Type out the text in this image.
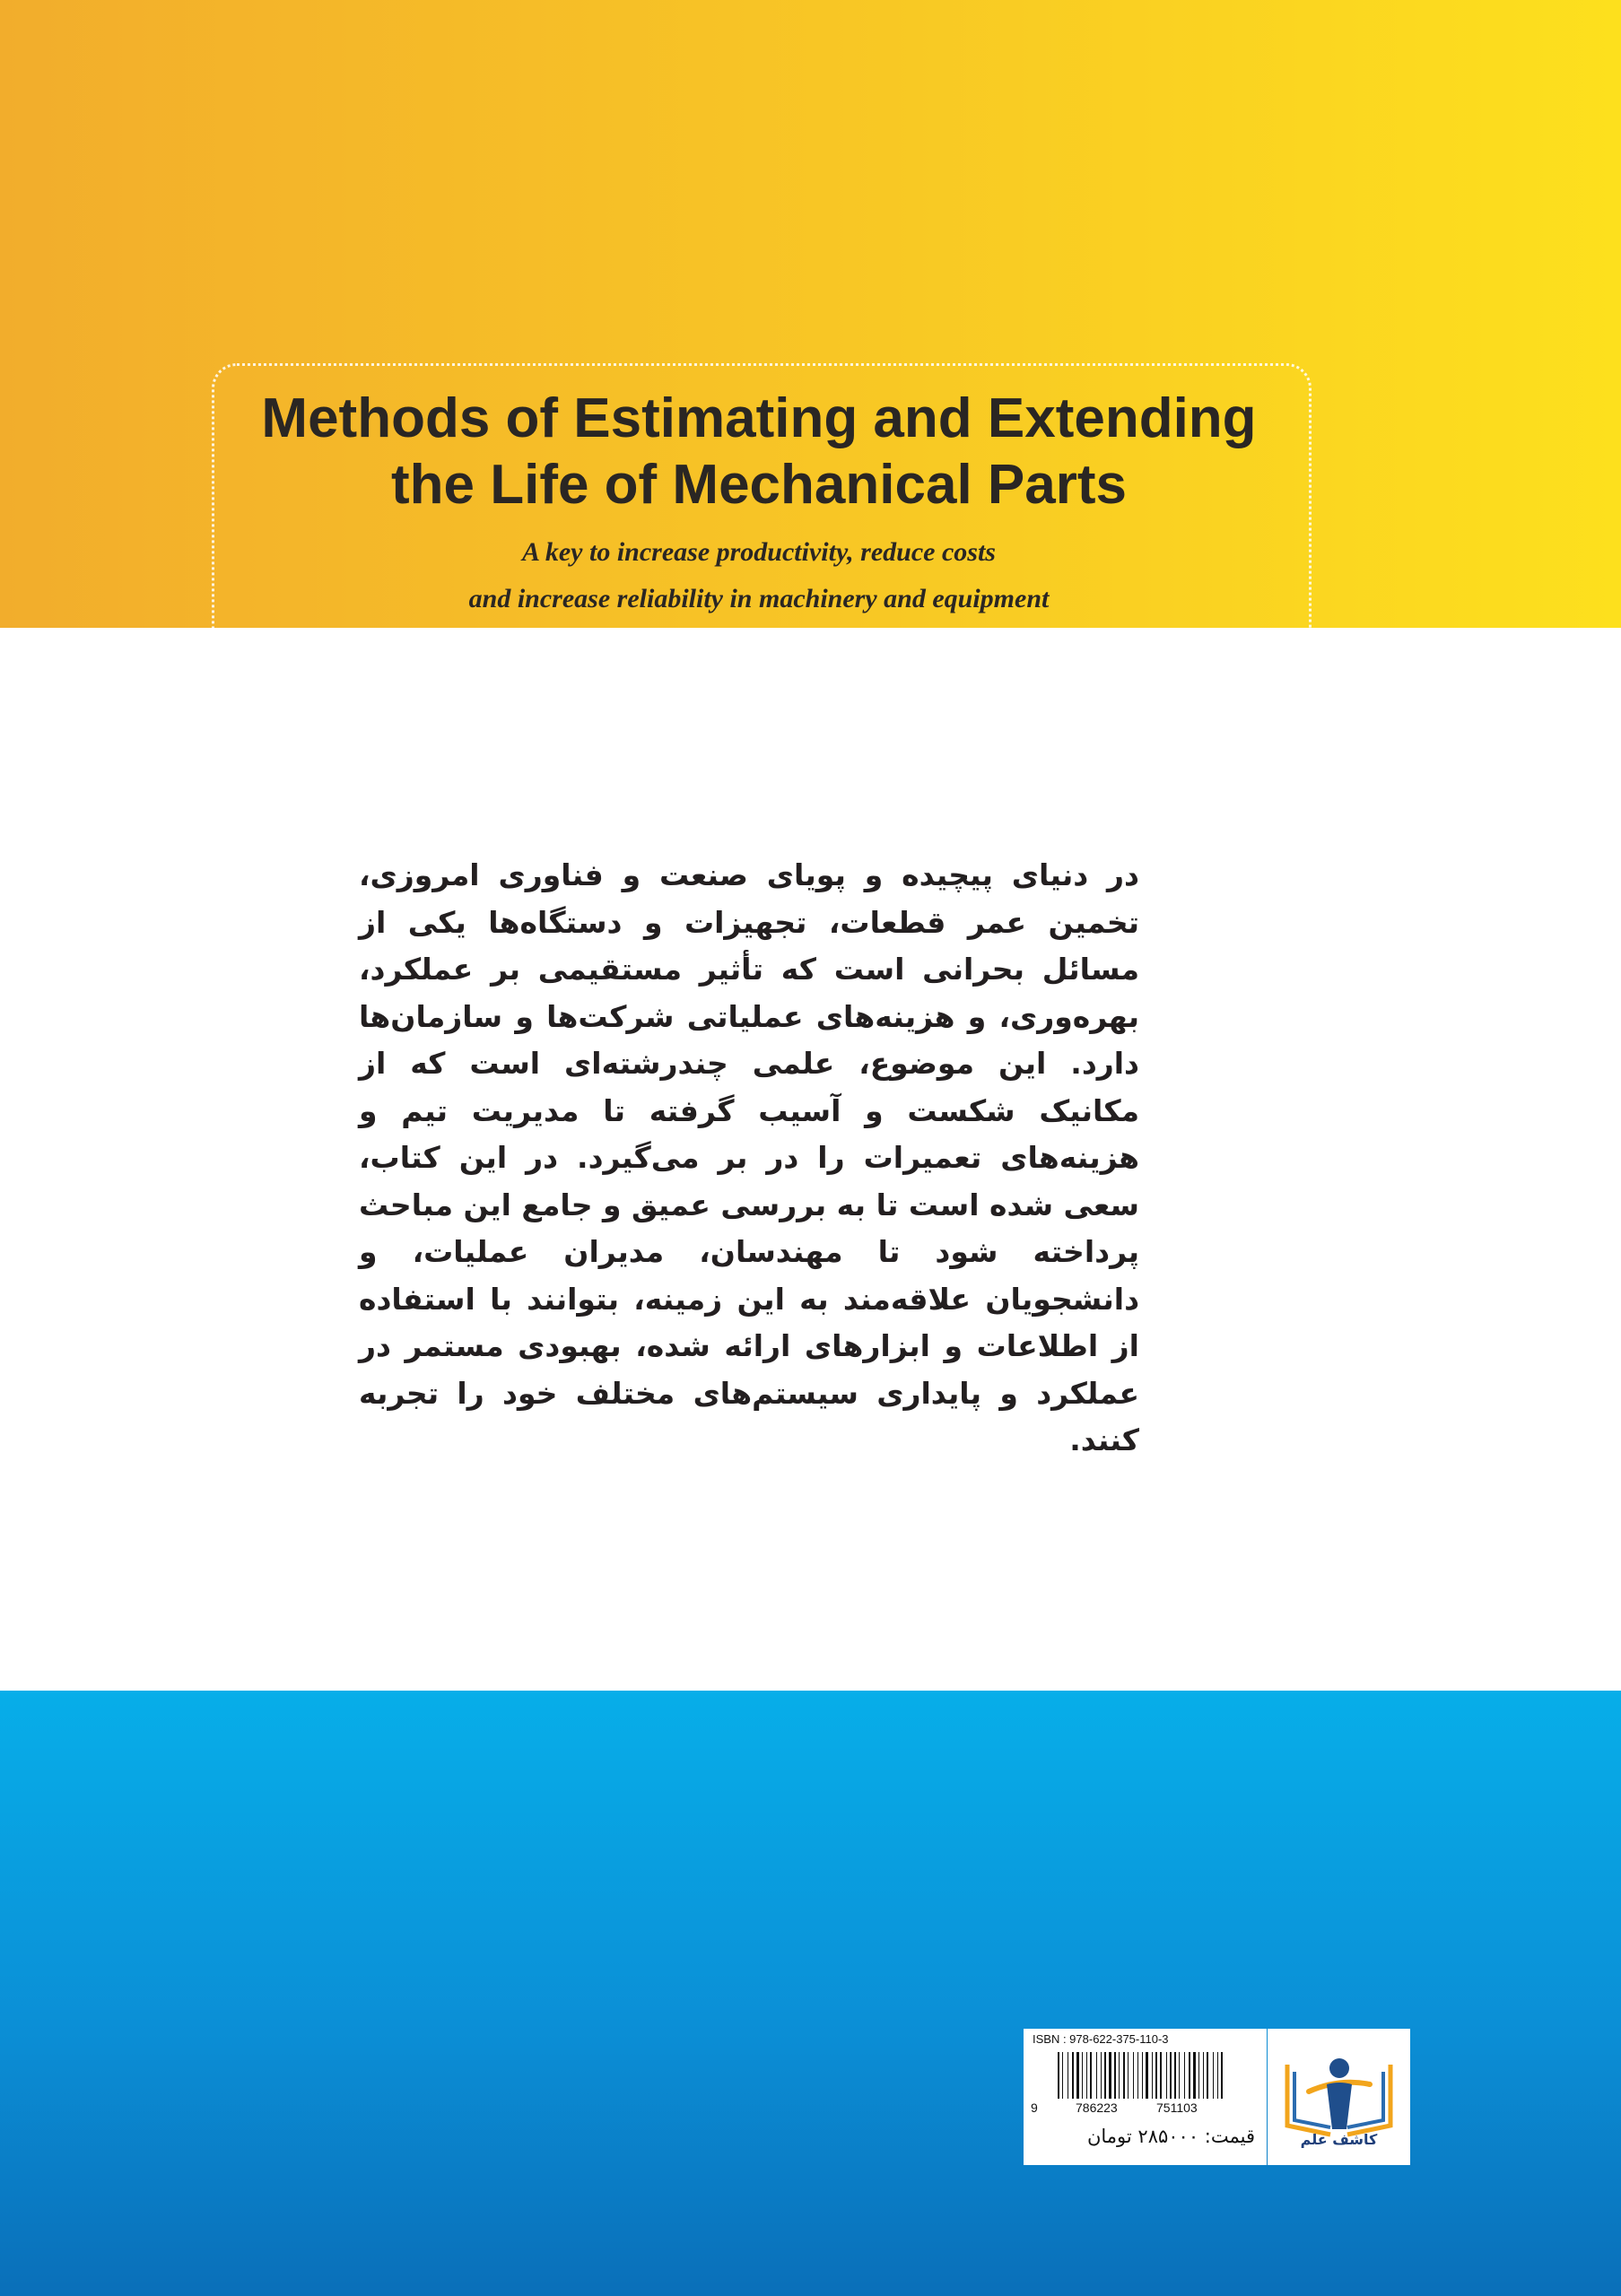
Methods of Estimating and Extending
the Life of Mechanical Parts

A key to increase productivity, reduce costs
and increase reliability in machinery and equipment

در دنیای پیچیده و پویای صنعت و فناوری امروزی، تخمین عمر قطعات، تجهیزات و دستگاه‌ها یکی از مسائل بحرانی است که تأثیر مستقیمی بر عملکرد، بهره‌وری، و هزینه‌های عملیاتی شرکت‌ها و سازمان‌ها دارد. این موضوع، علمی چندرشته‌ای است که از مکانیک شکست و آسیب گرفته تا مدیریت تیم و هزینه‌های تعمیرات را در بر می‌گیرد. در این کتاب، سعی شده است تا به بررسی عمیق و جامع این مباحث پرداخته شود تا مهندسان، مدیران عملیات، و دانشجویان علاقه‌مند به این زمینه، بتوانند با استفاده از اطلاعات و ابزارهای ارائه شده، بهبودی مستمر در عملکرد و پایداری سیستم‌های مختلف خود را تجربه کنند.

ISBN : 978-622-375-110-3
9	786223	751103
قیمت: ۲۸۵۰۰۰ تومان	کاشف علم
